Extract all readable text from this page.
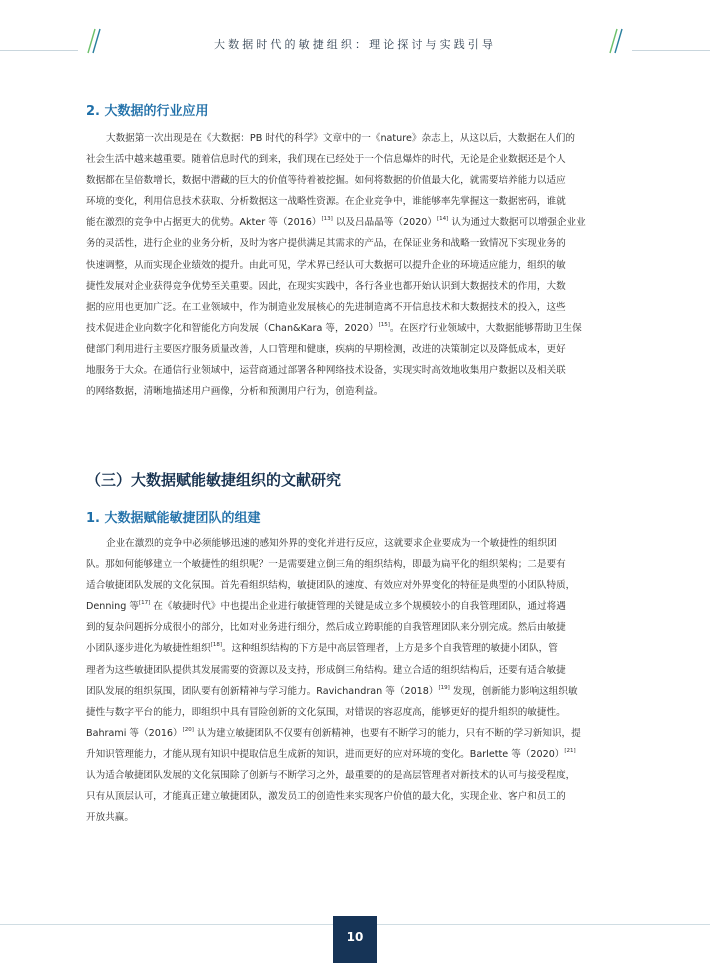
大数据时代的敏捷组织：理论探讨与实践引导
2. 大数据的行业应用
大数据第一次出现是在《大数据：PB 时代的科学》文章中的一《nature》杂志上，从这以后，大数据在人们的
社会生活中越来越重要。随着信息时代的到来，我们现在已经处于一个信息爆炸的时代，无论是企业数据还是个人
数据都在呈倍数增长，数据中潜藏的巨大的价值等待着被挖掘。如何将数据的价值最大化，就需要培养能力以适应
环境的变化，利用信息技术获取、分析数据这一战略性资源。在企业竞争中，谁能够率先掌握这一数据密码，谁就
能在激烈的竞争中占据更大的优势。Akter 等（2016）[13] 以及吕晶晶等（2020）[14] 认为通过大数据可以增强企业业
务的灵活性，进行企业的业务分析，及时为客户提供满足其需求的产品，在保证业务和战略一致情况下实现业务的
快速调整，从而实现企业绩效的提升。由此可见，学术界已经认可大数据可以提升企业的环境适应能力，组织的敏
捷性发展对企业获得竞争优势至关重要。因此，在现实实践中，各行各业也都开始认识到大数据技术的作用，大数
据的应用也更加广泛。在工业领域中，作为制造业发展核心的先进制造离不开信息技术和大数据技术的投入，这些
技术促进企业向数字化和智能化方向发展（Chan&Kara 等，2020）[15]。在医疗行业领域中，大数据能够帮助卫生保
健部门利用进行主要医疗服务质量改善，人口管理和健康，疾病的早期检测，改进的决策制定以及降低成本，更好
地服务于大众。在通信行业领域中，运营商通过部署各种网络技术设备，实现实时高效地收集用户数据以及相关联
的网络数据，清晰地描述用户画像，分析和预测用户行为，创造利益。
（三）大数据赋能敏捷组织的文献研究
1. 大数据赋能敏捷团队的组建
企业在激烈的竞争中必须能够迅速的感知外界的变化并进行反应，这就要求企业要成为一个敏捷性的组织团
队。那如何能够建立一个敏捷性的组织呢？一是需要建立倒三角的组织结构，即最为扁平化的组织架构；二是要有
适合敏捷团队发展的文化氛围。首先看组织结构，敏捷团队的速度、有效应对外界变化的特征是典型的小团队特质，
Denning 等[17] 在《敏捷时代》中也提出企业进行敏捷管理的关键是成立多个规模较小的自我管理团队，通过将遇
到的复杂问题拆分成很小的部分，比如对业务进行细分，然后成立跨职能的自我管理团队来分别完成。然后由敏捷
小团队逐步进化为敏捷性组织[18]。这种组织结构的下方是中高层管理者，上方是多个自我管理的敏捷小团队，管
理者为这些敏捷团队提供其发展需要的资源以及支持，形成倒三角结构。建立合适的组织结构后，还要有适合敏捷
团队发展的组织氛围，团队要有创新精神与学习能力。Ravichandran 等（2018）[19] 发现，创新能力影响这组织敏
捷性与数字平台的能力，即组织中具有冒险创新的文化氛围，对错误的容忍度高，能够更好的提升组织的敏捷性。
Bahrami 等（2016）[20] 认为建立敏捷团队不仅要有创新精神，也要有不断学习的能力，只有不断的学习新知识，提
升知识管理能力，才能从现有知识中提取信息生成新的知识，进而更好的应对环境的变化。Barlette 等（2020）[21]
认为适合敏捷团队发展的文化氛围除了创新与不断学习之外，最重要的的是高层管理者对新技术的认可与接受程度，
只有从顶层认可，才能真正建立敏捷团队，激发员工的创造性来实现客户价值的最大化，实现企业、客户和员工的
开放共赢。
10
